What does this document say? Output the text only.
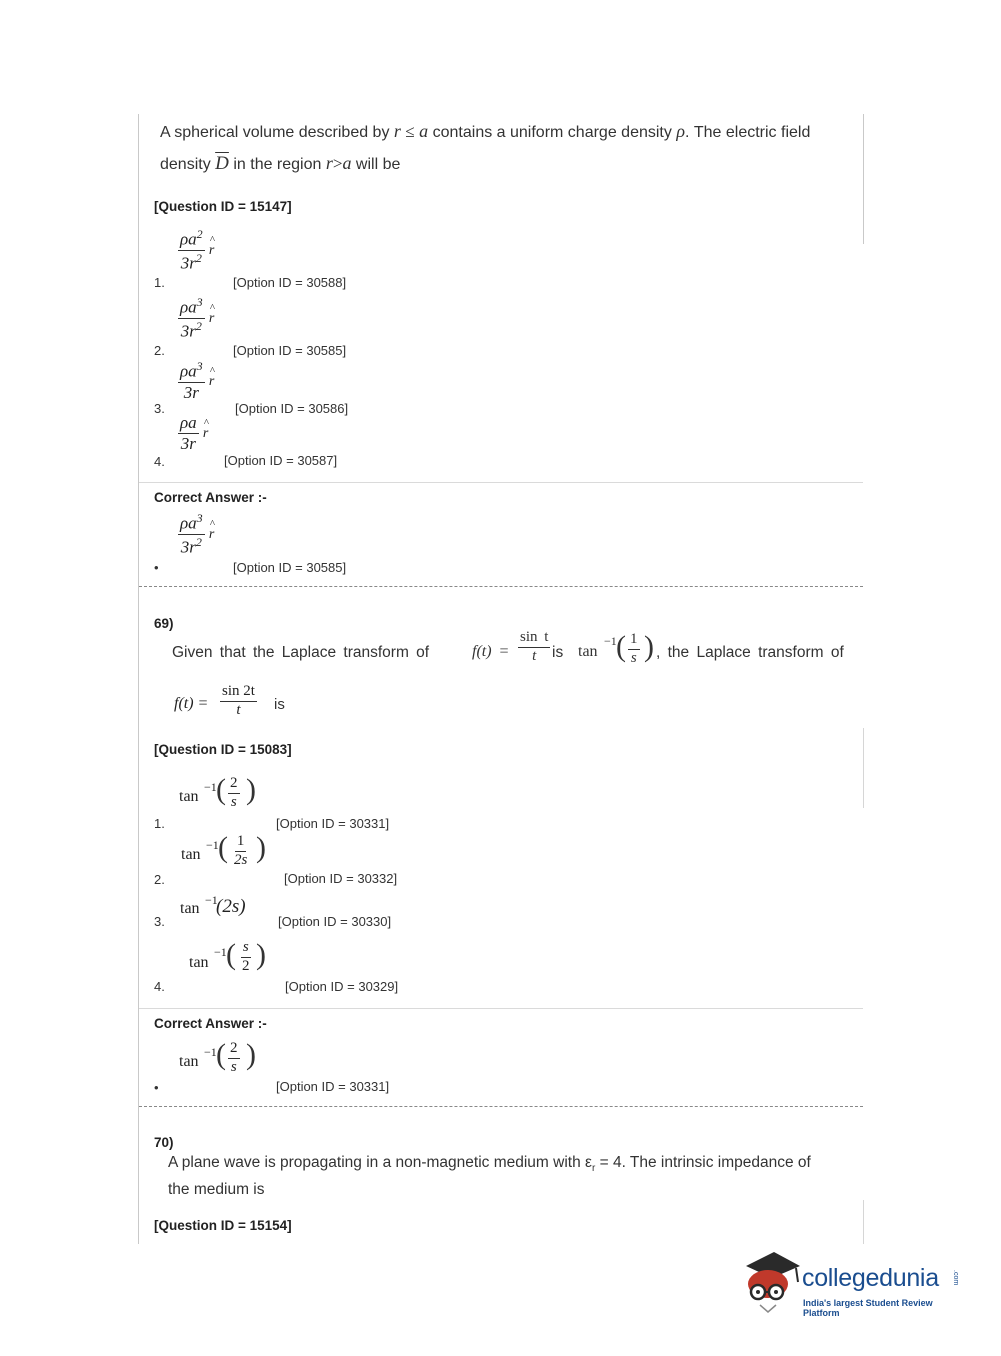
A spherical volume described by r ≤ a contains a uniform charge density ρ. The electric field
density $\overline{D}$ in the region r>a will be
[Question ID = 15147]
1.
$\frac{\rho a^2}{3r^2}$ ^ r
[Option ID = 30588]
2.
$\frac{\rho a^3}{3r^2}$ ^ r
[Option ID = 30585]
3.
$\frac{\rho a^3}{3r}$ ^ r
[Option ID = 30586]
4.
$\frac{\rho a}{3r}$ ^ r
[Option ID = 30587]
Correct Answer :-
•
$\frac{\rho a^3}{3r^2}$ ^ r
[Option ID = 30585]
69)
Given that the Laplace transform of	$f(t) = \frac{\text{sin t}}{t}$ is tan
−1 ( $\frac{1}{s}$ ) , the Laplace transform of
$f(t) = \frac{\sin 2t}{t}$ is
[Question ID = 15083]
1.
tan
−1 ( $\frac{2}{s}$ )
[Option ID = 30331]
2.
tan
−1 ( $\frac{1}{2s}$ )
[Option ID = 30332]
3.
tan −1
(2s)
[Option ID = 30330]
4.
tan
−1 ( $\frac{s}{2}$ )
[Option ID = 30329]
Correct Answer :-
•
tan
−1 ( $\frac{2}{s}$ )
[Option ID = 30331]
70)
A plane wave is propagating in a non-magnetic medium with $\varepsilon_r = 4$. The intrinsic impedance of
the medium is
[Question ID = 15154]
collegedunia .com
India's largest Student Review Platform
